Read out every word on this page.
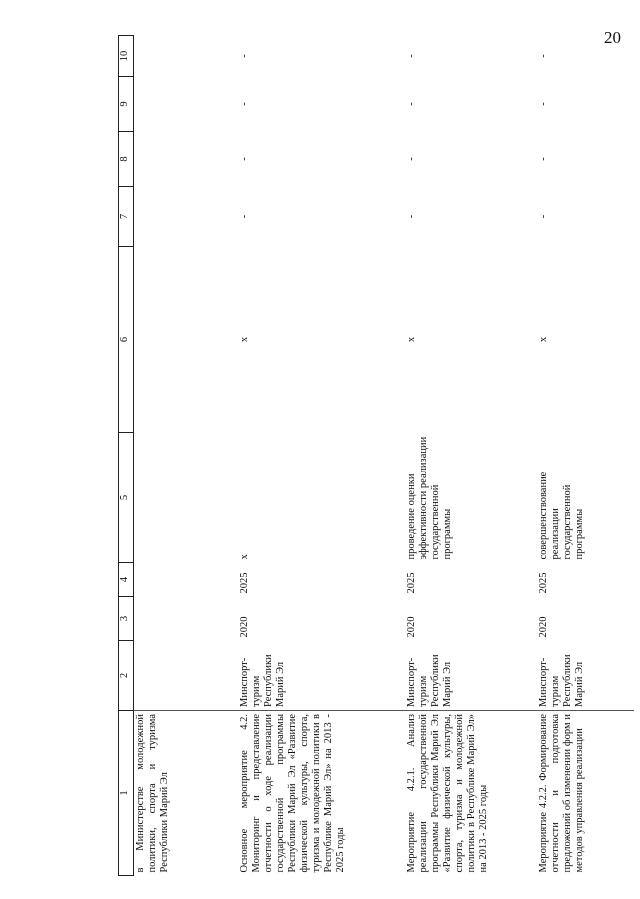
20
1	2	3	4	5	6	7	8	9	10
в Министерстве молодежной политики, спорта и туризма Республики Марий Эл									
Основное мероприятие 4.2. Мониторинг и представление отчетности о ходе реализации государственной программы Республики Марий Эл «Развитие физической культуры, спорта, туризма и молодежной политики в Республике Марий Эл» на 2013 - 2025 годы	Минспорт-туризм Республики Марий Эл	2020	2025	х	х	-	-	-	-
Мероприятие 4.2.1. Анализ реализации государственной программы Республики Марий Эл «Развитие физической культуры, спорта, туризма и молодежной политики в Республике Марий Эл» на 2013 - 2025 годы	Минспорт-туризм Республики Марий Эл	2020	2025	проведение оценки эффективности реализации государственной программы	х	-	-	-	-
Мероприятие 4.2.2. Формирование отчетности и подготовка предложений об изменении форм и методов управления реализации	Минспорт-туризм Республики Марий Эл	2020	2025	совершенствование реализации государственной программы	х	-	-	-	-
